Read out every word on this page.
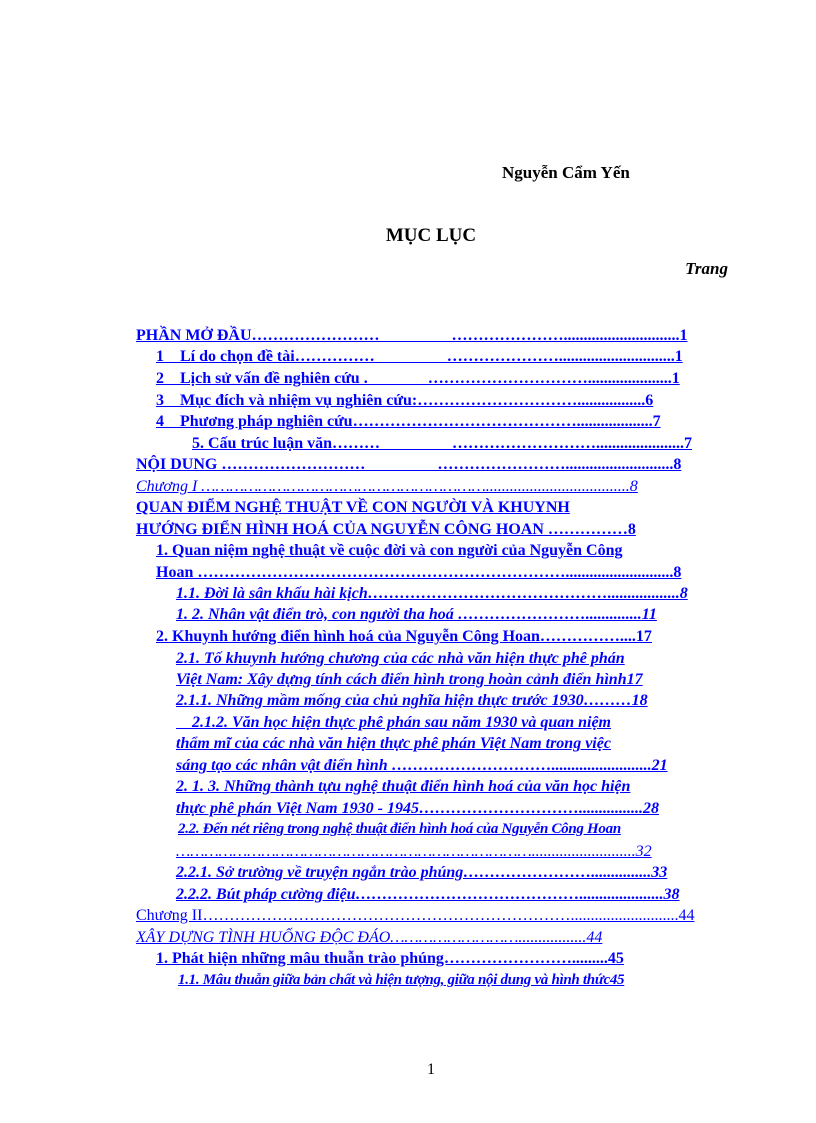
Nguyễn Cẩm Yến
MỤC LỤC
Trang
PHẦN MỞ ĐẦU……………………                  ………………….............................1
1    Lí do chọn đề tài……………                  ………………….............................1
2    Lịch sử vấn đề nghiên cứu .               ………………………….....................1
3    Mục đích và nhiệm vụ nghiên cứu:………………………….................6
4    Phương pháp nghiên cứu……………………………………...................7
5. Cấu trúc luận văn………                  ………………………......................7
NỘI DUNG ………………………                  ……………………...........................8
Chương I ……………………………………………………....................................8
QUAN ĐIỂM NGHỆ THUẬT VỀ CON NGƯỜI VÀ KHUYNH
HƯỚNG ĐIỂN HÌNH HOÁ CỦA NGUYỄN CÔNG HOAN ……………8
1. Quan niệm nghệ thuật về cuộc đời và con người của Nguyễn Công
Hoan ……………………………………………………………...........................8
1.1. Đời là sân khấu hài kịch………………………………………..................8
1. 2. Nhân vật điển trò, con người tha hoá ……………………..............11
2. Khuynh hướng điển hình hoá của Nguyễn Công Hoan……………....17
2.1. Tố khuynh hướng chương của các nhà văn hiện thực phê phán
Việt Nam: Xây dựng tính cách điển hình trong hoàn cảnh điển hình17
2.1.1. Những mầm mống của chủ nghĩa hiện thực trước 1930………18
2.1.2. Văn học hiện thực phê phán sau năm 1930 và quan niệm
thẩm mĩ của các nhà văn hiện thực phê phán Việt Nam trong việc
sáng tạo các nhân vật điển hình ………………………….........................21
2. 1. 3. Những thành tựu nghệ thuật điển hình hoá của văn học hiện
thực phê phán Việt Nam 1930 - 1945…………………………................28
2.2. Đến nét riêng trong nghệ thuật điển hình hoá của Nguyễn Công Hoan
…………………………………………………………………..........................32
2.2.1. Sở trường về truyện ngắn trào phúng……………………...............33
2.2.2. Bút pháp cường điệu…………………………………….....................38
Chương II……………………………………………………………...........................44
XÂY DỰNG TÌNH HUỐNG ĐỘC ĐÁO……………………….................44
1. Phát hiện những mâu thuẫn trào phúng…………………….........45
1.1. Mâu thuẫn giữa bản chất và hiện tượng, giữa nội dung và hình thức45
1
